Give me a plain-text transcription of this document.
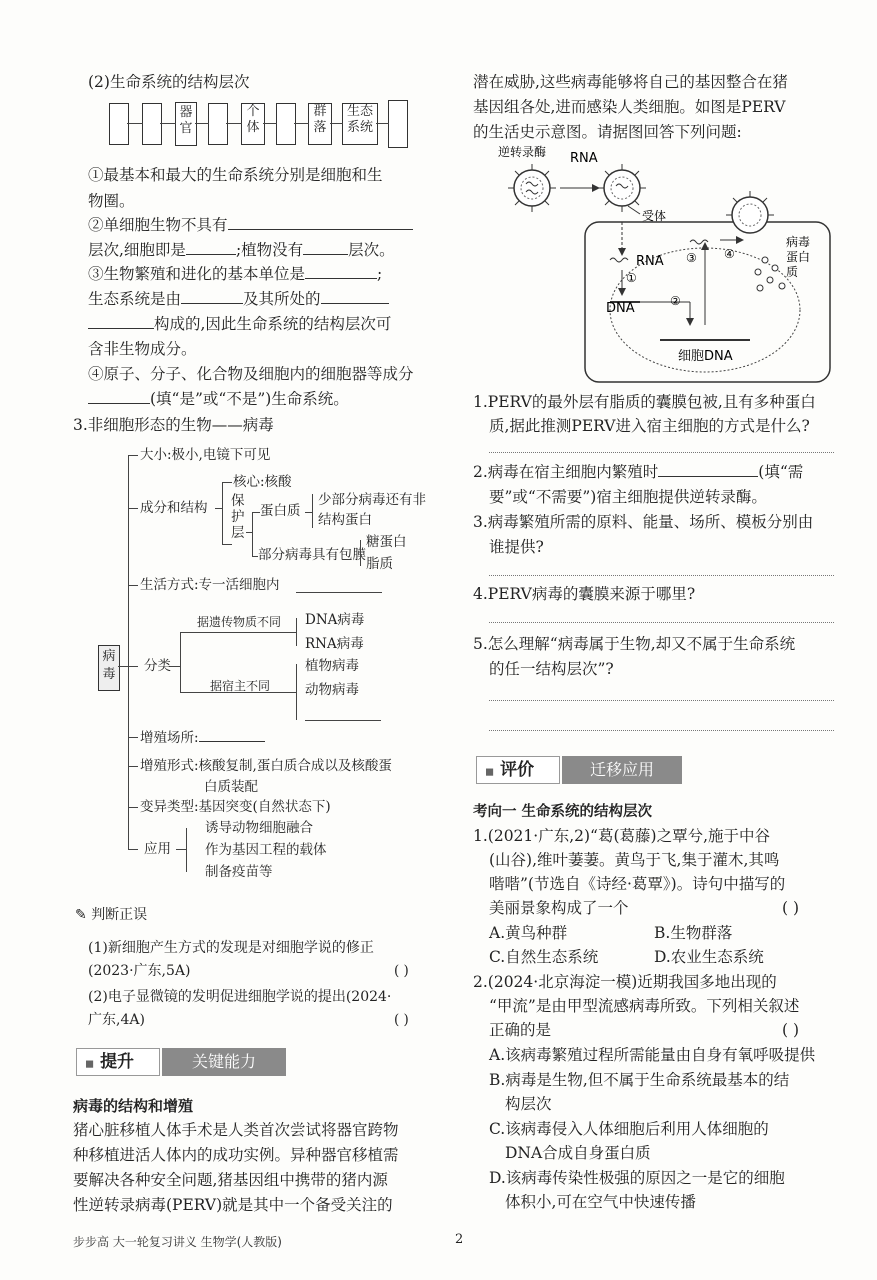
(2)生命系统的结构层次
器官
个体
群落
生态系统
①最基本和最大的生命系统分别是细胞和生
物圈。
②单细胞生物不具有
层次,细胞即是	;植物没有	层次。
③生物繁殖和进化的基本单位是	;
生态系统是由	及其所处的
构成的,因此生命系统的结构层次可
含非生物成分。
④原子、分子、化合物及细胞内的细胞器等成分
(填“是”或“不是”)生命系统。
3.非细胞形态的生物——病毒
病毒
大小:极小,电镜下可见
成分和结构
核心:核酸
保护层
蛋白质
少部分病毒还有非
结构蛋白
部分病毒具有包膜
糖蛋白
脂质
生活方式:专一活细胞内
分类
据遗传物质不同
据宿主不同
DNA病毒
RNA病毒
植物病毒
动物病毒
增殖场所:
增殖形式:核酸复制,蛋白质合成以及核酸蛋
白质装配
变异类型:基因突变(自然状态下)
应用
诱导动物细胞融合
作为基因工程的载体
制备疫苗等
✎ 判断正误
(1)新细胞产生方式的发现是对细胞学说的修正
(2023·广东,5A)	( )
(2)电子显微镜的发明促进细胞学说的提出(2024·
广东,4A)	( )
◼ 提升	关键能力
病毒的结构和增殖
猪心脏移植人体手术是人类首次尝试将器官跨物
种移植进活人体内的成功实例。异种器官移植需
要解决各种安全问题,猪基因组中携带的猪内源
性逆转录病毒(PERV)就是其中一个备受关注的
步步高 大一轮复习讲义 生物学(人教版)	2
潜在威胁,这些病毒能够将自己的基因整合在猪
基因组各处,进而感染人类细胞。如图是PERV
的生活史示意图。请据图回答下列问题:
逆转录酶 RNA
受体
RNA
①
DNA	②
③ ④
病毒
蛋白
质
细胞DNA
1.PERV的最外层有脂质的囊膜包被,且有多种蛋白
质,据此推测PERV进入宿主细胞的方式是什么?
2.病毒在宿主细胞内繁殖时	(填“需
要”或“不需要”)宿主细胞提供逆转录酶。
3.病毒繁殖所需的原料、能量、场所、模板分别由
谁提供?
4.PERV病毒的囊膜来源于哪里?
5.怎么理解“病毒属于生物,却又不属于生命系统
的任一结构层次”?
◼ 评价	迁移应用
考向一 生命系统的结构层次
1.(2021·广东,2)“葛(葛藤)之覃兮,施于中谷
(山谷),维叶萋萋。黄鸟于飞,集于灌木,其鸣
喈喈”(节选自《诗经·葛覃》)。诗句中描写的
美丽景象构成了一个	( )
A.黄鸟种群	B.生物群落
C.自然生态系统	D.农业生态系统
2.(2024·北京海淀一模)近期我国多地出现的
“甲流”是由甲型流感病毒所致。下列相关叙述
正确的是	( )
A.该病毒繁殖过程所需能量由自身有氧呼吸提供
B.病毒是生物,但不属于生命系统最基本的结
构层次
C.该病毒侵入人体细胞后利用人体细胞的
DNA合成自身蛋白质
D.该病毒传染性极强的原因之一是它的细胞
体积小,可在空气中快速传播
